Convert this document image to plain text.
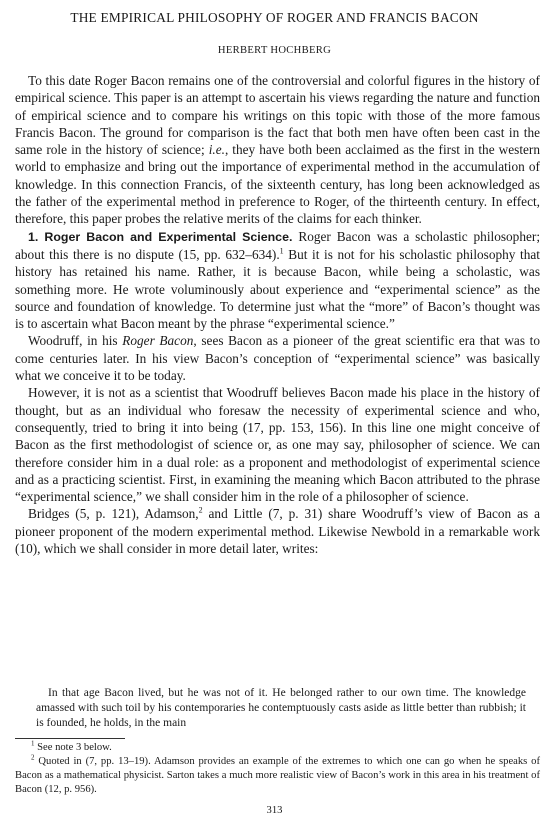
THE EMPIRICAL PHILOSOPHY OF ROGER AND FRANCIS BACON
HERBERT HOCHBERG

To this date Roger Bacon remains one of the controversial and colorful figures in the history of empirical science. This paper is an attempt to ascertain his views regarding the nature and function of empirical science and to compare his writings on this topic with those of the more famous Francis Bacon. The ground for comparison is the fact that both men have often been cast in the same role in the history of science; i.e., they have both been acclaimed as the first in the western world to emphasize and bring out the importance of experimental method in the accumulation of knowledge. In this connection Francis, of the sixteenth century, has long been acknowledged as the father of the experimental method in preference to Roger, of the thirteenth century. In effect, therefore, this paper probes the relative merits of the claims for each thinker.

1. Roger Bacon and Experimental Science. Roger Bacon was a scholastic philosopher; about this there is no dispute (15, pp. 632–634).$^1$ But it is not for his scholastic philosophy that history has retained his name. Rather, it is because Bacon, while being a scholastic, was something more. He wrote voluminously about experience and “experimental science” as the source and foundation of knowledge. To determine just what the “more” of Bacon’s thought was is to ascertain what Bacon meant by the phrase “experimental science.”

Woodruff, in his Roger Bacon, sees Bacon as a pioneer of the great scientific era that was to come centuries later. In his view Bacon’s conception of “experimental science” was basically what we conceive it to be today.

However, it is not as a scientist that Woodruff believes Bacon made his place in the history of thought, but as an individual who foresaw the necessity of experimental science and who, consequently, tried to bring it into being (17, pp. 153, 156). In this line one might conceive of Bacon as the first methodologist of science or, as one may say, philosopher of science. We can therefore consider him in a dual role: as a proponent and methodologist of experimental science and as a practicing scientist. First, in examining the meaning which Bacon attributed to the phrase “experimental science,” we shall consider him in the role of a philosopher of science.

Bridges (5, p. 121), Adamson,$^2$ and Little (7, p. 31) share Woodruff’s view of Bacon as a pioneer proponent of the modern experimental method. Likewise Newbold in a remarkable work (10), which we shall consider in more detail later, writes:

In that age Bacon lived, but he was not of it. He belonged rather to our own time. The knowledge amassed with such toil by his contemporaries he contemptuously casts aside as little better than rubbish; it is founded, he holds, in the main

$^1$ See note 3 below.

$^2$ Quoted in (7, pp. 13–19). Adamson provides an example of the extremes to which one can go when he speaks of Bacon as a mathematical physicist. Sarton takes a much more realistic view of Bacon’s work in this area in his treatment of Bacon (12, p. 956).

313
